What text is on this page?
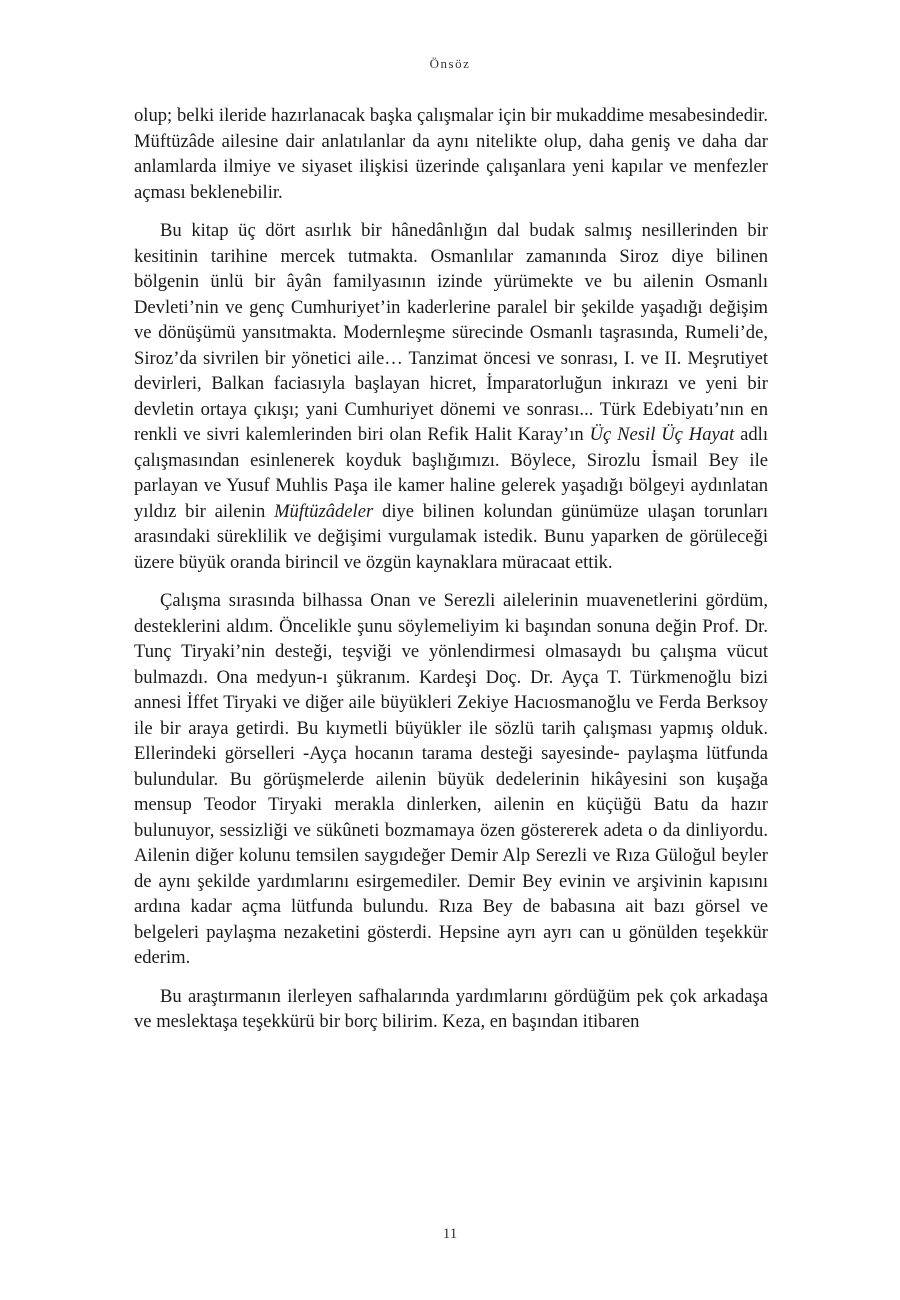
Önsöz

olup; belki ileride hazırlanacak başka çalışmalar için bir mukaddime mesabesindedir. Müftüzâde ailesine dair anlatılanlar da aynı nitelikte olup, daha geniş ve daha dar anlamlarda ilmiye ve siyaset ilişkisi üzerinde çalışanlara yeni kapılar ve menfezler açması beklenebilir.

Bu kitap üç dört asırlık bir hânedânlığın dal budak salmış nesillerinden bir kesitinin tarihine mercek tutmakta. Osmanlılar zamanında Siroz diye bilinen bölgenin ünlü bir âyân familyasının izinde yürümekte ve bu ailenin Osmanlı Devleti’nin ve genç Cumhuriyet’in kaderlerine paralel bir şekilde yaşadığı değişim ve dönüşümü yansıtmakta. Modernleşme sürecinde Osmanlı taşrasında, Rumeli’de, Siroz’da sivrilen bir yönetici aile… Tanzimat öncesi ve sonrası, I. ve II. Meşrutiyet devirleri, Balkan faciasıyla başlayan hicret, İmparatorluğun inkırazı ve yeni bir devletin ortaya çıkışı; yani Cumhuriyet dönemi ve sonrası... Türk Edebiyatı’nın en renkli ve sivri kalemlerinden biri olan Refik Halit Karay’ın Üç Nesil Üç Hayat adlı çalışmasından esinlenerek koyduk başlığımızı. Böylece, Sirozlu İsmail Bey ile parlayan ve Yusuf Muhlis Paşa ile kamer haline gelerek yaşadığı bölgeyi aydınlatan yıldız bir ailenin Müftüzâdeler diye bilinen kolundan günümüze ulaşan torunları arasındaki süreklilik ve değişimi vurgulamak istedik. Bunu yaparken de görüleceği üzere büyük oranda birincil ve özgün kaynaklara müracaat ettik.

Çalışma sırasında bilhassa Onan ve Serezli ailelerinin muavenetlerini gördüm, desteklerini aldım. Öncelikle şunu söylemeliyim ki başından sonuna değin Prof. Dr. Tunç Tiryaki’nin desteği, teşviği ve yönlendirmesi olmasaydı bu çalışma vücut bulmazdı. Ona medyun-ı şükranım. Kardeşi Doç. Dr. Ayça T. Türkmenoğlu bizi annesi İffet Tiryaki ve diğer aile büyükleri Zekiye Hacıosmanoğlu ve Ferda Berksoy ile bir araya getirdi. Bu kıymetli büyükler ile sözlü tarih çalışması yapmış olduk. Ellerindeki görselleri -Ayça hocanın tarama desteği sayesinde- paylaşma lütfunda bulundular. Bu görüşmelerde ailenin büyük dedelerinin hikâyesini son kuşağa mensup Teodor Tiryaki merakla dinlerken, ailenin en küçüğü Batu da hazır bulunuyor, sessizliği ve sükûneti bozmamaya özen göstererek adeta o da dinliyordu. Ailenin diğer kolunu temsilen saygıdeğer Demir Alp Serezli ve Rıza Güloğul beyler de aynı şekilde yardımlarını esirgemediler. Demir Bey evinin ve arşivinin kapısını ardına kadar açma lütfunda bulundu. Rıza Bey de babasına ait bazı görsel ve belgeleri paylaşma nezaketini gösterdi. Hepsine ayrı ayrı can u gönülden teşekkür ederim.

Bu araştırmanın ilerleyen safhalarında yardımlarını gördüğüm pek çok arkadaşa ve meslektaşa teşekkürü bir borç bilirim. Keza, en başından itibaren

11
